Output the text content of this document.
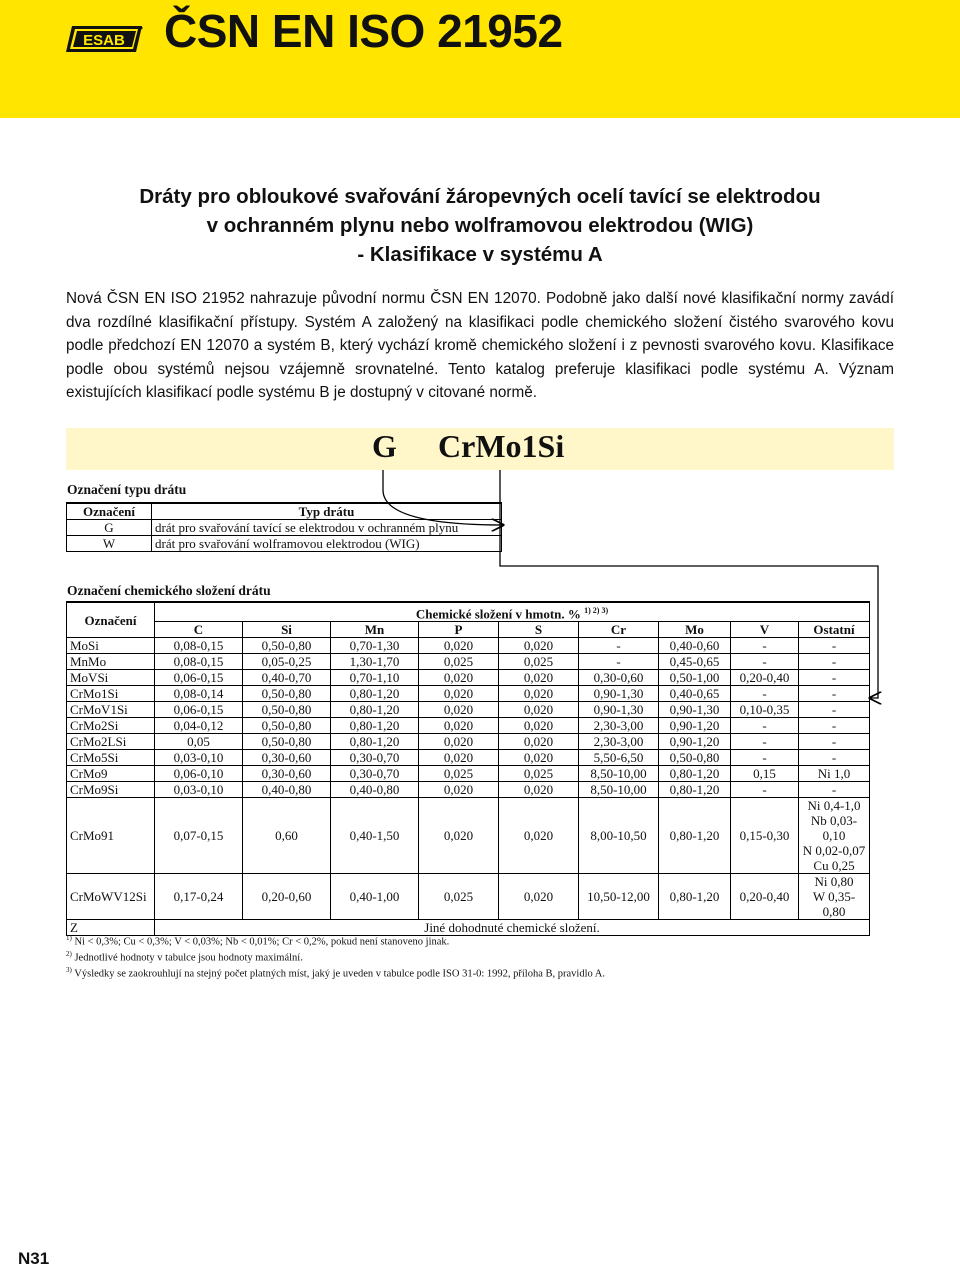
ESAB ČSN EN ISO 21952
Dráty pro obloukové svařování žáropevných ocelí tavící se elektrodou
v ochranném plynu nebo wolframovou elektrodou (WIG)
- Klasifikace v systému A
Nová ČSN EN ISO 21952 nahrazuje původní normu ČSN EN 12070. Podobně jako další nové klasifikační normy zavádí dva rozdílné klasifikační přístupy. Systém A založený na klasifikaci podle chemického složení čistého svarového kovu podle předchozí EN 12070 a systém B, který vychází kromě chemického složení i z pevnosti svarového kovu. Klasifikace podle obou systémů nejsou vzájemně srovnatelné. Tento katalog preferuje klasifikaci podle systému A. Význam existujících klasifikací podle systému B je dostupný v citované normě.
G CrMo1Si
Označení typu drátu
Označení	Typ drátu
G	drát pro svařování tavící se elektrodou v ochranném plynu
W	drát pro svařování wolframovou elektrodou (WIG)
Označení chemického složení drátu
Označení	Chemické složení v hmotn. % $^{1) 2) 3)}$
	C	Si	Mn	P	S	Cr	Mo	V	Ostatní
MoSi	0,08-0,15	0,50-0,80	0,70-1,30	0,020	0,020	-	0,40-0,60	-	-
MnMo	0,08-0,15	0,05-0,25	1,30-1,70	0,025	0,025	-	0,45-0,65	-	-
MoVSi	0,06-0,15	0,40-0,70	0,70-1,10	0,020	0,020	0,30-0,60	0,50-1,00	0,20-0,40	-
CrMo1Si	0,08-0,14	0,50-0,80	0,80-1,20	0,020	0,020	0,90-1,30	0,40-0,65	-	-
CrMoV1Si	0,06-0,15	0,50-0,80	0,80-1,20	0,020	0,020	0,90-1,30	0,90-1,30	0,10-0,35	-
CrMo2Si	0,04-0,12	0,50-0,80	0,80-1,20	0,020	0,020	2,30-3,00	0,90-1,20	-	-
CrMo2LSi	0,05	0,50-0,80	0,80-1,20	0,020	0,020	2,30-3,00	0,90-1,20	-	-
CrMo5Si	0,03-0,10	0,30-0,60	0,30-0,70	0,020	0,020	5,50-6,50	0,50-0,80	-	-
CrMo9	0,06-0,10	0,30-0,60	0,30-0,70	0,025	0,025	8,50-10,00	0,80-1,20	0,15	Ni 1,0
CrMo9Si	0,03-0,10	0,40-0,80	0,40-0,80	0,020	0,020	8,50-10,00	0,80-1,20	-	-
CrMo91	0,07-0,15	0,60	0,40-1,50	0,020	0,020	8,00-10,50	0,80-1,20	0,15-0,30	Ni 0,4-1,0
Nb 0,03-0,10
N 0,02-0,07
Cu 0,25
CrMoWV12Si	0,17-0,24	0,20-0,60	0,40-1,00	0,025	0,020	10,50-12,00	0,80-1,20	0,20-0,40	Ni 0,80
W 0,35-0,80
Z	Jiné dohodnuté chemické složení.								
$^{1)}$ Ni < 0,3%; Cu < 0,3%; V < 0,03%; Nb < 0,01%; Cr < 0,2%, pokud není stanoveno jinak.
$^{2)}$ Jednotlivé hodnoty v tabulce jsou hodnoty maximální.
$^{3)}$ Výsledky se zaokrouhlují na stejný počet platných míst, jaký je uveden v tabulce podle ISO 31-0: 1992, příloha B, pravidlo A.
N31
